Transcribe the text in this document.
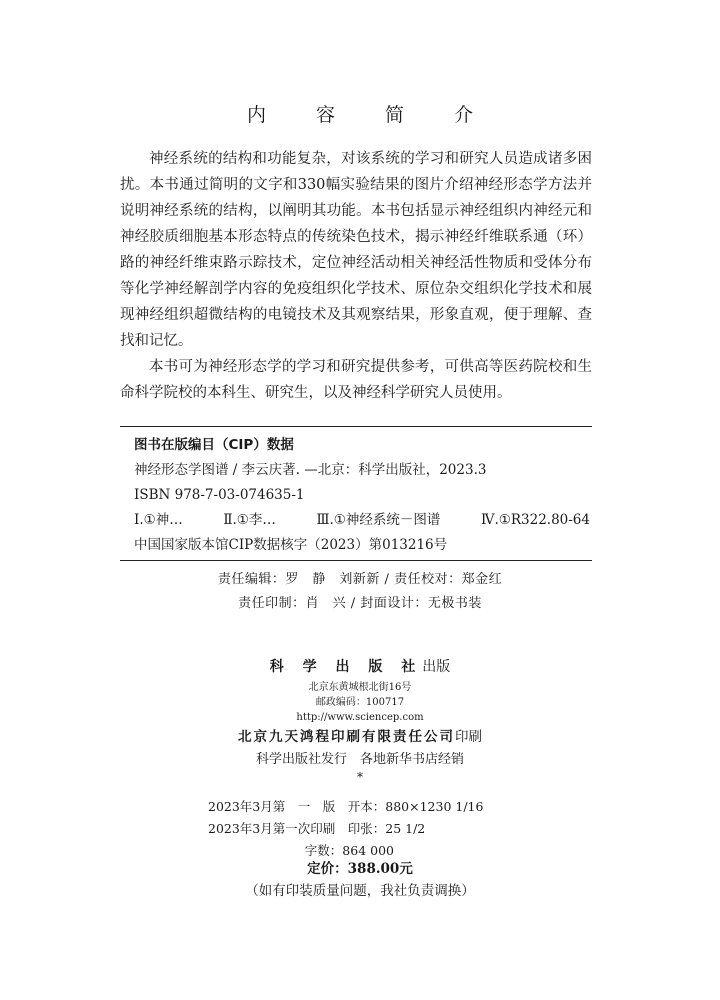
内 容 简 介

神经系统的结构和功能复杂，对该系统的学习和研究人员造成诸多困扰。本书通过简明的文字和330幅实验结果的图片介绍神经形态学方法并说明神经系统的结构，以阐明其功能。本书包括显示神经组织内神经元和神经胶质细胞基本形态特点的传统染色技术，揭示神经纤维联系通（环）路的神经纤维束路示踪技术，定位神经活动相关神经活性物质和受体分布等化学神经解剖学内容的免疫组织化学技术、原位杂交组织化学技术和展现神经组织超微结构的电镜技术及其观察结果，形象直观，便于理解、查找和记忆。

本书可为神经形态学的学习和研究提供参考，可供高等医药院校和生命科学院校的本科生、研究生，以及神经科学研究人员使用。

图书在版编目（CIP）数据
神经形态学图谱 / 李云庆著. —北京：科学出版社，2023.3
ISBN 978-7-03-074635-1
Ⅰ.①神…	Ⅱ.①李…	Ⅲ.①神经系统－图谱	Ⅳ.①R322.80-64
中国国家版本馆CIP数据核字（2023）第013216号
责任编辑：罗　静　刘新新 / 责任校对：郑金红
责任印制：肖　兴 / 封面设计：无极书装
科 学 出 版 社出版
北京东黄城根北街16号
邮政编码：100717
http://www.sciencep.com
北京九天鸿程印刷有限责任公司印刷
科学出版社发行　各地新华书店经销
*
2023年3月第　一　版　开本：880×1230 1/16
2023年3月第一次印刷　印张：25 1/2
字数：864 000
定价：388.00元
（如有印装质量问题，我社负责调换）
